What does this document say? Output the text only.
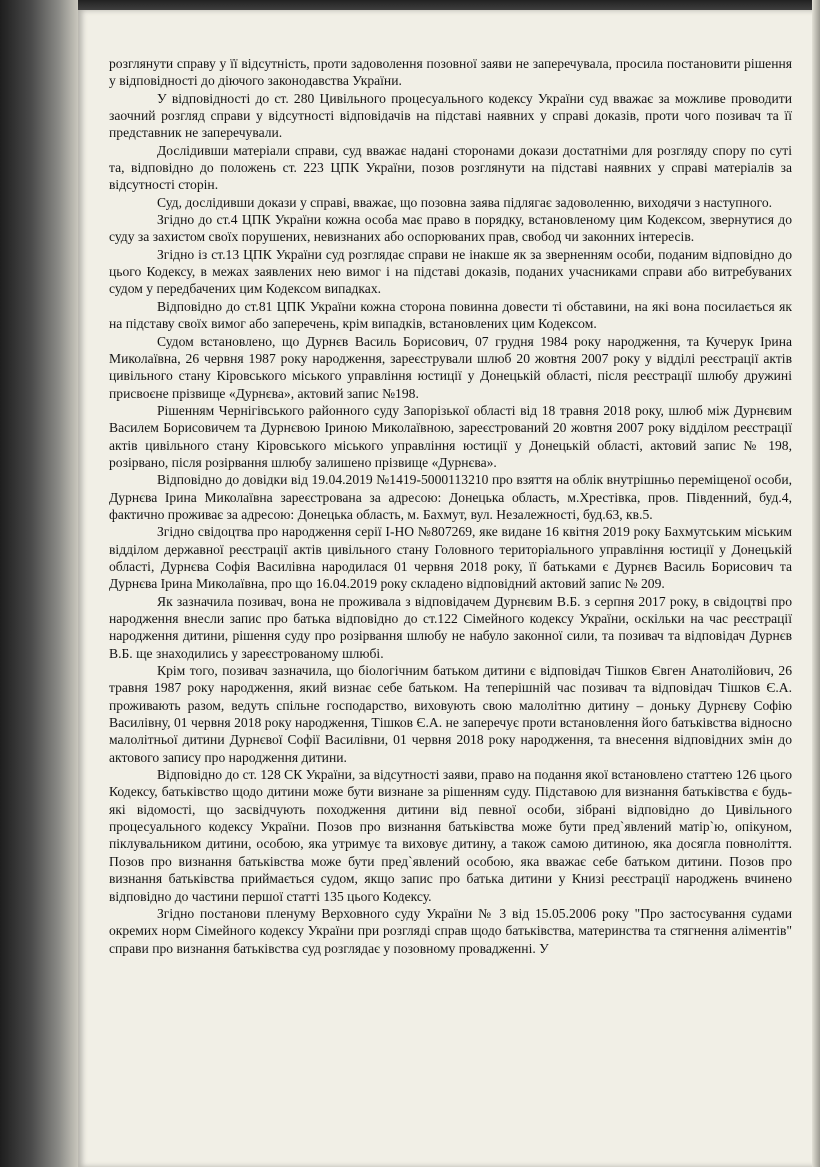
розглянути справу у її відсутність, проти задоволення позовної заяви не заперечувала, просила постановити рішення у відповідності до діючого законодавства України.

У відповідності до ст. 280 Цивільного процесуального кодексу України суд вважає за можливе проводити заочний розгляд справи у відсутності відповідачів на підставі наявних у справі доказів, проти чого позивач та її представник не заперечували.

Дослідивши матеріали справи, суд вважає надані сторонами докази достатніми для розгляду спору по суті та, відповідно до положень ст. 223 ЦПК України, позов розглянути на підставі наявних у справі матеріалів за відсутності сторін.

Суд, дослідивши докази у справі, вважає, що позовна заява підлягає задоволенню, виходячи з наступного.

Згідно до ст.4 ЦПК України кожна особа має право в порядку, встановленому цим Кодексом, звернутися до суду за захистом своїх порушених, невизнаних або оспорюваних прав, свобод чи законних інтересів.

Згідно із ст.13 ЦПК України суд розглядає справи не інакше як за зверненням особи, поданим відповідно до цього Кодексу, в межах заявлених нею вимог і на підставі доказів, поданих учасниками справи або витребуваних судом у передбачених цим Кодексом випадках.

Відповідно до ст.81 ЦПК України кожна сторона повинна довести ті обставини, на які вона посилається як на підставу своїх вимог або заперечень, крім випадків, встановлених цим Кодексом.

Судом встановлено, що Дурнєв Василь Борисович, 07 грудня 1984 року народження, та Кучерук Ірина Миколаївна, 26 червня 1987 року народження, зареєстрували шлюб 20 жовтня 2007 року у відділі реєстрації актів цивільного стану Кіровського міського управління юстиції у Донецькій області, після реєстрації шлюбу дружині присвоєне прізвище «Дурнєва», актовий запис №198.

Рішенням Чернігівського районного суду Запорізької області від 18 травня 2018 року, шлюб між Дурнєвим Василем Борисовичем та Дурнєвою Іриною Миколаївною, зареєстрований 20 жовтня 2007 року відділом реєстрації актів цивільного стану Кіровського міського управління юстиції у Донецькій області, актовий запис № 198, розірвано, після розірвання шлюбу залишено прізвище «Дурнєва».

Відповідно до довідки від 19.04.2019 №1419-5000113210 про взяття на облік внутрішньо переміщеної особи, Дурнєва Ірина Миколаївна зареєстрована за адресою: Донецька область, м.Хрестівка, пров. Південний, буд.4, фактично проживає за адресою: Донецька область, м. Бахмут, вул. Незалежності, буд.63, кв.5.

Згідно свідоцтва про народження серії І-НО №807269, яке видане 16 квітня 2019 року Бахмутським міським відділом державної реєстрації актів цивільного стану Головного територіального управління юстиції у Донецькій області, Дурнєва Софія Василівна народилася 01 червня 2018 року, її батьками є Дурнєв Василь Борисович та Дурнєва Ірина Миколаївна, про що 16.04.2019 року складено відповідний актовий запис № 209.

Як зазначила позивач, вона не проживала з відповідачем Дурнєвим В.Б. з серпня 2017 року, в свідоцтві про народження внесли запис про батька відповідно до ст.122 Сімейного кодексу України, оскільки на час реєстрації народження дитини, рішення суду про розірвання шлюбу не набуло законної сили, та позивач та відповідач Дурнєв В.Б. ще знаходились у зареєстрованому шлюбі.

Крім того, позивач зазначила, що біологічним батьком дитини є відповідач Тішков Євген Анатолійович, 26 травня 1987 року народження, який визнає себе батьком. На теперішній час позивач та відповідач Тішков Є.А. проживають разом, ведуть спільне господарство, виховують свою малолітню дитину – доньку Дурнєву Софію Василівну, 01 червня 2018 року народження, Тішков Є.А. не заперечує проти встановлення його батьківства відносно малолітньої дитини Дурнєвої Софії Василівни, 01 червня 2018 року народження, та внесення відповідних змін до актового запису про народження дитини.

Відповідно до ст. 128 СК України, за відсутності заяви, право на подання якої встановлено статтею 126 цього Кодексу, батьківство щодо дитини може бути визнане за рішенням суду. Підставою для визнання батьківства є будь-які відомості, що засвідчують походження дитини від певної особи, зібрані відповідно до Цивільного процесуального кодексу України. Позов про визнання батьківства може бути пред`явлений матір`ю, опікуном, піклувальником дитини, особою, яка утримує та виховує дитину, а також самою дитиною, яка досягла повноліття. Позов про визнання батьківства може бути пред`явлений особою, яка вважає себе батьком дитини. Позов про визнання батьківства приймається судом, якщо запис про батька дитини у Книзі реєстрації народжень вчинено відповідно до частини першої статті 135 цього Кодексу.

Згідно постанови пленуму Верховного суду України № 3 від 15.05.2006 року "Про застосування судами окремих норм Сімейного кодексу України при розгляді справ щодо батьківства, материнства та стягнення аліментів" справи про визнання батьківства суд розглядає у позовному провадженні. У
